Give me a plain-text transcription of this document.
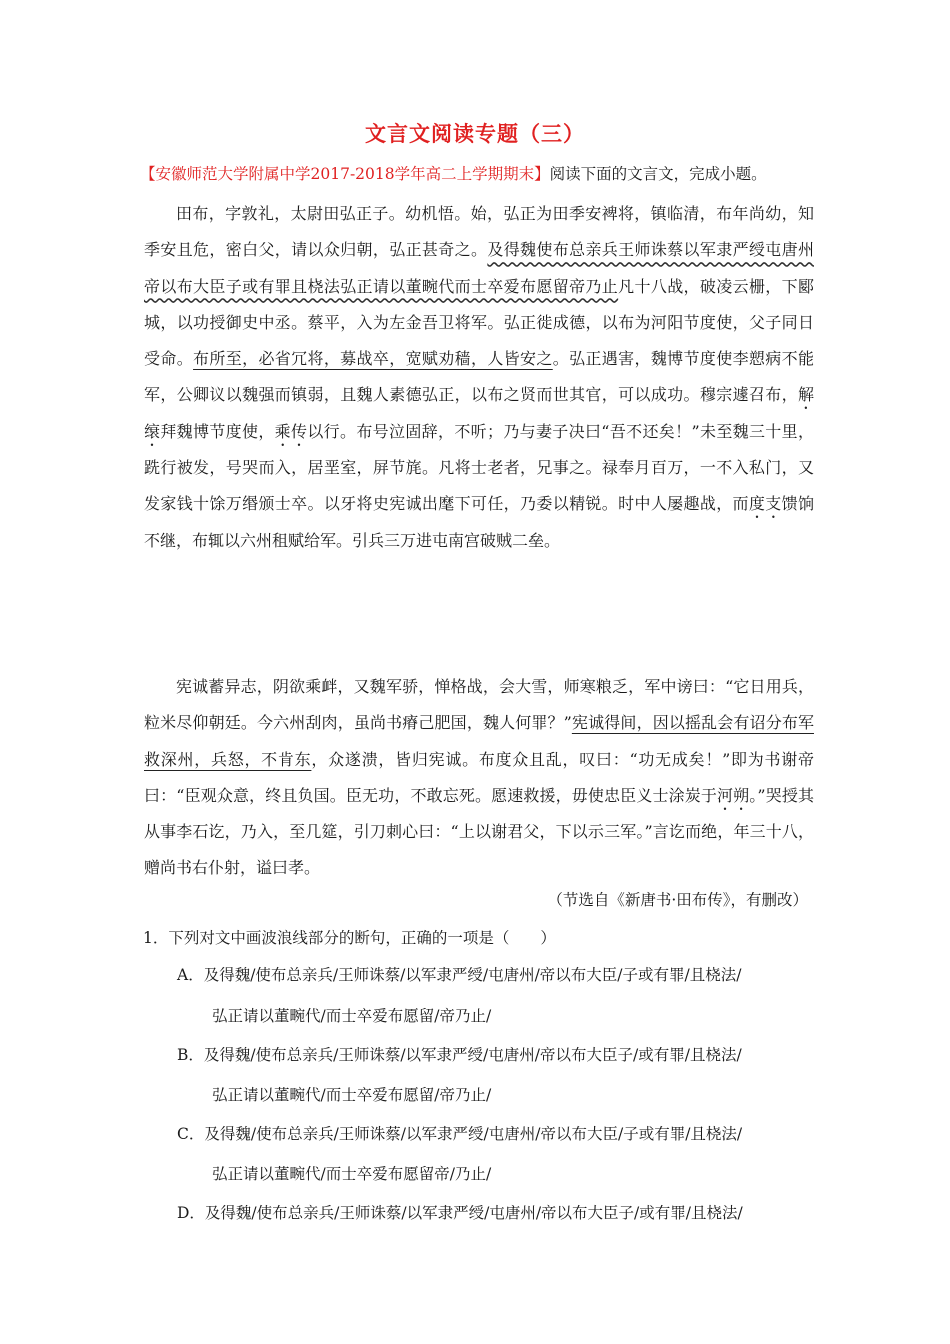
文言文阅读专题（三）
【安徽师范大学附属中学2017-2018学年高二上学期期末】阅读下面的文言文，完成小题。
田布，字敦礼，太尉田弘正子。幼机悟。始，弘正为田季安裨将，镇临清，布年尚幼，知季安且危，密白父，请以众归朝，弘正甚奇之。及得魏使布总亲兵王师诛蔡以军隶严绶屯唐州帝以布大臣子或有罪且桡法弘正请以董畹代而士卒爱布愿留帝乃止凡十八战，破凌云栅，下郾城，以功授御史中丞。蔡平，入为左金吾卫将军。弘正徙成德，以布为河阳节度使，父子同日受命。布所至，必省冗将，募战卒，宽赋劝穑，人皆安之。弘正遇害，魏博节度使李愬病不能军，公卿议以魏强而镇弱，且魏人素德弘正，以布之贤而世其官，可以成功。穆宗遽召布，解缞拜魏博节度使，乘传以行。布号泣固辞，不听；乃与妻子决曰“吾不还矣！”未至魏三十里，跣行被发，号哭而入，居垩室，屏节旄。凡将士老者，兄事之。禄奉月百万，一不入私门，又发家钱十馀万缗颁士卒。以牙将史宪诚出麾下可任，乃委以精锐。时中人屡趣战，而度支馈饷不继，布辄以六州租赋给军。引兵三万进屯南宫破贼二垒。
宪诚蓄异志，阴欲乘衅，又魏军骄，惮格战，会大雪，师寒粮乏，军中谤曰：“它日用兵，粒米尽仰朝廷。今六州刮肉，虽尚书瘠己肥国，魏人何罪？”宪诚得间，因以摇乱会有诏分布军救深州，兵怒，不肯东，众遂溃，皆归宪诚。布度众且乱，叹曰：“功无成矣！”即为书谢帝曰：“臣观众意，终且负国。臣无功，不敢忘死。愿速救援，毋使忠臣义士涂炭于河朔。”哭授其从事李石讫，乃入，至几筵，引刀刺心曰：“上以谢君父，下以示三军。”言讫而绝，年三十八，赠尚书右仆射，谥曰孝。
（节选自《新唐书·田布传》，有删改）
1．下列对文中画波浪线部分的断句，正确的一项是（　　）
A．及得魏/使布总亲兵/王师诛蔡/以军隶严绶/屯唐州/帝以布大臣/子或有罪/且桡法/
弘正请以董畹代/而士卒爱布愿留/帝乃止/
B．及得魏/使布总亲兵/王师诛蔡/以军隶严绶/屯唐州/帝以布大臣子/或有罪/且桡法/
弘正请以董畹代/而士卒爱布愿留/帝乃止/
C．及得魏/使布总亲兵/王师诛蔡/以军隶严绶/屯唐州/帝以布大臣/子或有罪/且桡法/
弘正请以董畹代/而士卒爱布愿留帝/乃止/
D．及得魏/使布总亲兵/王师诛蔡/以军隶严绶/屯唐州/帝以布大臣子/或有罪/且桡法/
